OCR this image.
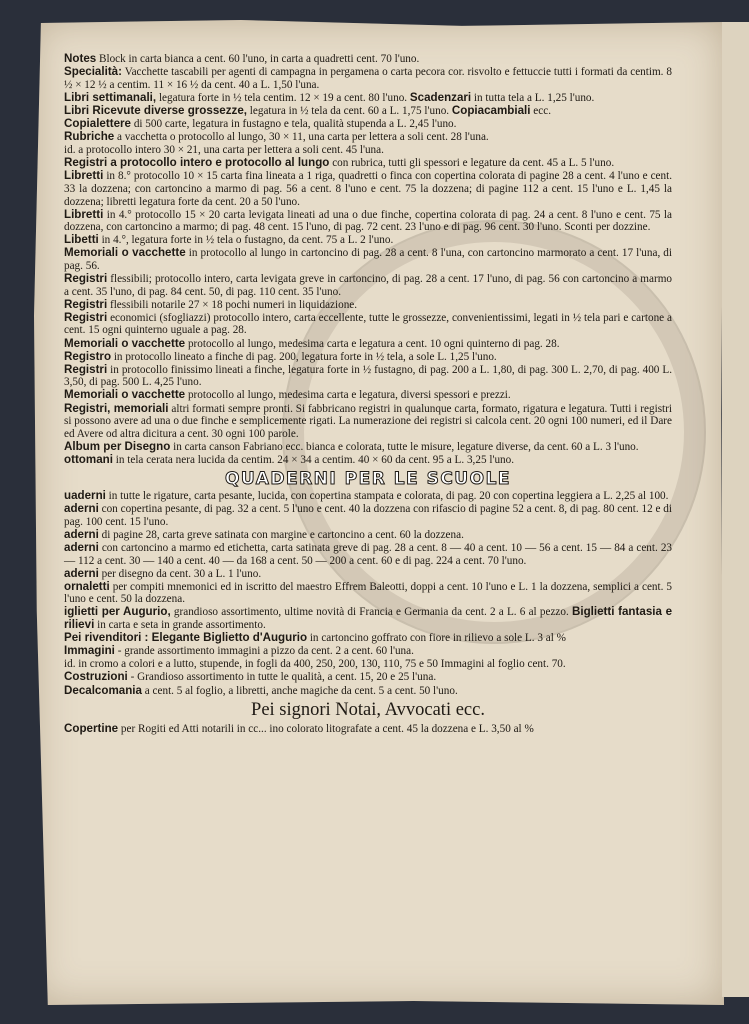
Notes Block in carta bianca a cent. 60 l'uno, in carta a quadretti cent. 70 l'uno.
Specialità: Vacchette tascabili per agenti di campagna in pergamena o carta pecora cor. risvolto e fettuccie tutti i formati da centim. 8 ½ × 12 ½ a centim. 11 × 16 ½ da cent. 40 a L. 1,50 l'una.
Libri settimanali, legatura forte in ½ tela centim. 12 × 19 a cent. 80 l'uno. Scadenzari in tutta tela a L. 1,25 l'uno.
Libri Ricevute diverse grossezze, legatura in ½ tela da cent. 60 a L. 1,75 l'uno. Copiacambiali ecc.
Copialettere di 500 carte, legatura in fustagno e tela, qualità stupenda a L. 2,45 l'uno.
Rubriche a vacchetta o protocollo al lungo, 30 × 11, una carta per lettera a soli cent. 28 l'una.
id. a protocollo intero 30 × 21, una carta per lettera a soli cent. 45 l'una.
Registri a protocollo intero e protocollo al lungo con rubrica, tutti gli spessori e legature da cent. 45 a L. 5 l'uno.
Libretti in 8.° protocollo 10 × 15 carta fina lineata a 1 riga, quadretti o finca con copertina colorata di pagine 28 a cent. 4 l'uno e cent. 33 la dozzena; con cartoncino a marmo di pag. 56 a cent. 8 l'uno e cent. 75 la dozzena; di pagine 112 a cent. 15 l'uno e L. 1,45 la dozzena; libretti legatura forte da cent. 20 a 50 l'uno.
Libretti in 4.° protocollo 15 × 20 carta levigata lineati ad una o due finche, copertina colorata di pag. 24 a cent. 8 l'uno e cent. 75 la dozzena, con cartoncino a marmo; di pag. 48 cent. 15 l'uno, di pag. 72 cent. 23 l'uno e di pag. 96 cent. 30 l'uno. Sconti per dozzine.
Libetti in 4.°, legatura forte in ½ tela o fustagno, da cent. 75 a L. 2 l'uno.
Memoriali o vacchette in protocollo al lungo in cartoncino di pag. 28 a cent. 8 l'una, con cartoncino marmorato a cent. 17 l'una, di pag. 56.
Registri flessibili; protocollo intero, carta levigata greve in cartoncino, di pag. 28 a cent. 17 l'uno, di pag. 56 con cartoncino a marmo a cent. 35 l'uno, di pag. 84 cent. 50, di pag. 110 cent. 35 l'uno.
Registri flessibili notarile 27 × 18 pochi numeri in liquidazione.
Registri economici (sfogliazzi) protocollo intero, carta eccellente, tutte le grossezze, convenientissimi, legati in ½ tela pari e cartone a cent. 15 ogni quinterno uguale a pag. 28.
Memoriali o vacchette protocollo al lungo, medesima carta e legatura a cent. 10 ogni quinterno di pag. 28.
Registro in protocollo lineato a finche di pag. 200, legatura forte in ½ tela, a sole L. 1,25 l'uno.
Registri in protocollo finissimo lineati a finche, legatura forte in ½ fustagno, di pag. 200 a L. 1,80, di pag. 300 L. 2,70, di pag. 400 L. 3,50, di pag. 500 L. 4,25 l'uno.
Memoriali o vacchette protocollo al lungo, medesima carta e legatura, diversi spessori e prezzi.
Registri, memoriali altri formati sempre pronti. Si fabbricano registri in qualunque carta, formato, rigatura e legatura. Tutti i registri si possono avere ad una o due finche e semplicemente rigati. La numerazione dei registri si calcola cent. 20 ogni 100 numeri, ed il Dare ed Avere od altra dicitura a cent. 30 ogni 100 parole.
Album per Disegno in carta canson Fabriano ecc. bianca e colorata, tutte le misure, legature diverse, da cent. 60 a L. 3 l'uno.
ottomani in tela cerata nera lucida da centim. 24 × 34 a centim. 40 × 60 da cent. 95 a L. 3,25 l'uno.
QUADERNI PER LE SCUOLE
uaderni in tutte le rigature, carta pesante, lucida, con copertina stampata e colorata, di pag. 20 con copertina leggiera a L. 2,25 al 100.
aderni con copertina pesante, di pag. 32 a cent. 5 l'uno e cent. 40 la dozzena con rifascio di pagine 52 a cent. 8, di pag. 80 cent. 12 e di pag. 100 cent. 15 l'uno.
aderni di pagine 28, carta greve satinata con margine e cartoncino a cent. 60 la dozzena.
aderni con cartoncino a marmo ed etichetta, carta satinata greve di pag. 28 a cent. 8 — 40 a cent. 10 — 56 a cent. 15 — 84 a cent. 23 — 112 a cent. 30 — 140 a cent. 40 — da 168 a cent. 50 — 200 a cent. 60 e di pag. 224 a cent. 70 l'uno.
aderni per disegno da cent. 30 a L. 1 l'uno.
ornaletti per compiti mnemonici ed in iscritto del maestro Effrem Baleotti, doppi a cent. 10 l'uno e L. 1 la dozzena, semplici a cent. 5 l'uno e cent. 50 la dozzena.
iglietti per Augurio, grandioso assortimento, ultime novità di Francia e Germania da cent. 2 a L. 6 al pezzo. Biglietti fantasia e rilievi in carta e seta in grande assortimento.
Pei rivenditori : Elegante Biglietto d'Augurio in cartoncino goffrato con fiore in rilievo a sole L. 3 al %
Immagini - grande assortimento immagini a pizzo da cent. 2 a cent. 60 l'una.
id. in cromo a colori e a lutto, stupende, in fogli da 400, 250, 200, 130, 110, 75 e 50 Immagini al foglio cent. 70.
Costruzioni - Grandioso assortimento in tutte le qualità, a cent. 15, 20 e 25 l'una.
Decalcomania a cent. 5 al foglio, a libretti, anche magiche da cent. 5 a cent. 50 l'uno.
Pei signori Notai, Avvocati ecc.
Copertine per Rogiti ed Atti notarili in cc... ino colorato litografate a cent. 45 la dozzena e L. 3,50 al %
